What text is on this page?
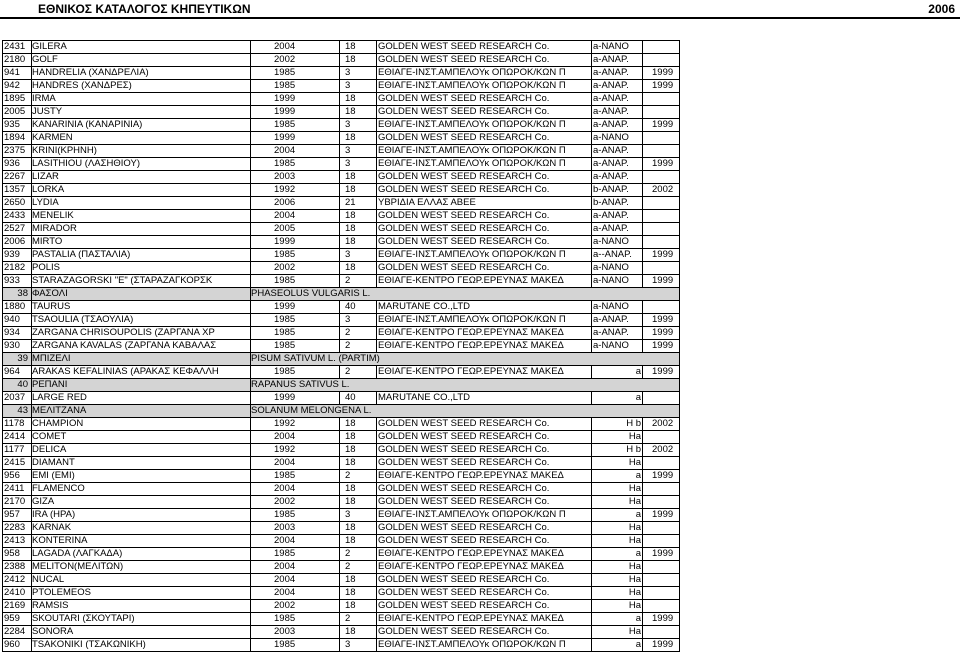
ΕΘΝΙΚΟΣ ΚΑΤΑΛΟΓΟΣ ΚΗΠΕΥΤΙΚΩΝ	2006
2431 GILERA	2004	18	GOLDEN WEST SEED RESEARCH Co.	a-NANO
2180 GOLF	2002	18	GOLDEN WEST SEED RESEARCH Co.	a-ANAP.
941	HANDRELIA (ΧΑΝΔΡΕΛΙΑ)	1985	3	ΕΘΙΑΓΕ-ΙΝΣΤ.ΑΜΠΕΛΟΥκ ΟΠΩΡΟΚ/ΚΩΝ Π	a-ANAP.	1999
942	HANDRES (ΧΑΝΔΡΕΣ)	1985	3	ΕΘΙΑΓΕ-ΙΝΣΤ.ΑΜΠΕΛΟΥκ ΟΠΩΡΟΚ/ΚΩΝ Π	a-ANAP.	1999
1895 IRMA	1999	18	GOLDEN WEST SEED RESEARCH Co.	a-ANAP.
2005 JUSTY	1999	18	GOLDEN WEST SEED RESEARCH Co.	a-ANAP.
935	KANARINIA (KANAPINIA)	1985	3	ΕΘΙΑΓΕ-ΙΝΣΤ.ΑΜΠΕΛΟΥκ ΟΠΩΡΟΚ/ΚΩΝ Π	a-ANAP.	1999
1894 KARMEN	1999	18	GOLDEN WEST SEED RESEARCH Co.	a-NANO
2375 KRINI(ΚΡΗΝΗ)	2004	3	ΕΘΙΑΓΕ-ΙΝΣΤ.ΑΜΠΕΛΟΥκ ΟΠΩΡΟΚ/ΚΩΝ Π	a-ANAP.
936	LASITHIOU (ΛΑΣΗΘΙΟΥ)	1985	3	ΕΘΙΑΓΕ-ΙΝΣΤ.ΑΜΠΕΛΟΥκ ΟΠΩΡΟΚ/ΚΩΝ Π	a-ANAP.	1999
2267 LIZAR	2003	18	GOLDEN WEST SEED RESEARCH Co.	a-ANAP.
1357 LORKA	1992	18	GOLDEN WEST SEED RESEARCH Co.	b-ANAP.	2002
2650 LYDIA	2006	21	ΥΒΡΙΔΙΑ ΕΛΛΑΣ ΑΒΕΕ	b-ANAP.
2433 MENELIK	2004	18	GOLDEN WEST SEED RESEARCH Co.	a-ANAP.
2527 MIRADOR	2005	18	GOLDEN WEST SEED RESEARCH Co.	a-ANAP.
2006 MIRTO	1999	18	GOLDEN WEST SEED RESEARCH Co.	a-NANO
939	PASTALIA (ΠΑΣΤΑΛΙΑ)	1985	3	ΕΘΙΑΓΕ-ΙΝΣΤ.ΑΜΠΕΛΟΥκ ΟΠΩΡΟΚ/ΚΩΝ Π	a--ANAP.	1999
2182 POLIS	2002	18	GOLDEN WEST SEED RESEARCH Co.	a-NANO
933	STARAZAGORSKI "E" (ΣΤΑΡΑΖΑΓΚΟΡΣΚ	1985	2	ΕΘΙΑΓΕ-ΚΕΝΤΡΟ ΓΕΩΡ.ΕΡΕΥΝΑΣ ΜΑΚΕΔ	a-NANO	1999
38 ΦΑΣΟΛΙ	PHASEOLUS VULGARIS L.
1880 TAURUS	1999	40	MARUTANE CO.,LTD	a-NANO
940	TSAOULIA (ΤΣΑΟΥΛΙΑ)	1985	3	ΕΘΙΑΓΕ-ΙΝΣΤ.ΑΜΠΕΛΟΥκ ΟΠΩΡΟΚ/ΚΩΝ Π	a-ANAP.	1999
934	ZARGANA CHRISOUPOLIS (ΖΑΡΓΑΝΑ ΧΡ	1985	2	ΕΘΙΑΓΕ-ΚΕΝΤΡΟ ΓΕΩΡ.ΕΡΕΥΝΑΣ ΜΑΚΕΔ	a-ANAP.	1999
930	ZARGANA KAVALAS (ΖΑΡΓΑΝΑ ΚΑΒΑΛΑΣ	1985	2	ΕΘΙΑΓΕ-ΚΕΝΤΡΟ ΓΕΩΡ.ΕΡΕΥΝΑΣ ΜΑΚΕΔ	a-NANO	1999
39 ΜΠΙΖΕΛΙ	PISUM SATIVUM L. (PARTIM)
964	ARAKAS KEFALINIAS (ΑΡΑΚΑΣ ΚΕΦΑΛΛΗ	1985	2	ΕΘΙΑΓΕ-ΚΕΝΤΡΟ ΓΕΩΡ.ΕΡΕΥΝΑΣ ΜΑΚΕΔ	a 1999
40 ΡΕΠΑΝΙ	RAPANUS SATIVUS L.
2037 LARGE RED	1999	40	MARUTANE CO.,LTD	a
43 ΜΕΛΙΤΖΑΝΑ	SOLANUM MELONGENA L.
1178 CHAMPION	1992	18	GOLDEN WEST SEED RESEARCH Co.	H b 2002
2414 COMET	2004	18	GOLDEN WEST SEED RESEARCH Co.	Ha
1177 DELICA	1992	18	GOLDEN WEST SEED RESEARCH Co.	H b 2002
2415 DIAMANT	2004	18	GOLDEN WEST SEED RESEARCH Co.	Ha
956	EMI (EMI)	1985	2	ΕΘΙΑΓΕ-ΚΕΝΤΡΟ ΓΕΩΡ.ΕΡΕΥΝΑΣ ΜΑΚΕΔ	a 1999
2411 FLAMENCO	2004	18	GOLDEN WEST SEED RESEARCH Co.	Ha
2170 GIZA	2002	18	GOLDEN WEST SEED RESEARCH Co.	Ha
957	IRA (ΗΡΑ)	1985	3	ΕΘΙΑΓΕ-ΙΝΣΤ.ΑΜΠΕΛΟΥκ ΟΠΩΡΟΚ/ΚΩΝ Π	a 1999
2283 KARNAK	2003	18	GOLDEN WEST SEED RESEARCH Co.	Ha
2413 KONTERINA	2004	18	GOLDEN WEST SEED RESEARCH Co.	Ha
958	LAGADA (ΛΑΓΚΑΔΑ)	1985	2	ΕΘΙΑΓΕ-ΚΕΝΤΡΟ ΓΕΩΡ.ΕΡΕΥΝΑΣ ΜΑΚΕΔ	a 1999
2388 MELITON(ΜΕΛΙΤΩΝ)	2004	2	ΕΘΙΑΓΕ-ΚΕΝΤΡΟ ΓΕΩΡ.ΕΡΕΥΝΑΣ ΜΑΚΕΔ	Ha
2412 NUCAL	2004	18	GOLDEN WEST SEED RESEARCH Co.	Ha
2410 PTOLEMEOS	2004	18	GOLDEN WEST SEED RESEARCH Co.	Ha
2169 RAMSIS	2002	18	GOLDEN WEST SEED RESEARCH Co.	Ha
959	SKOUTARI (ΣΚΟΥΤΑΡΙ)	1985	2	ΕΘΙΑΓΕ-ΚΕΝΤΡΟ ΓΕΩΡ.ΕΡΕΥΝΑΣ ΜΑΚΕΔ	a 1999
2284 SONORA	2003	18	GOLDEN WEST SEED RESEARCH Co.	Ha
960	TSAKONIKI (ΤΣΑΚΩΝΙΚΗ)	1985	3	ΕΘΙΑΓΕ-ΙΝΣΤ.ΑΜΠΕΛΟΥκ ΟΠΩΡΟΚ/ΚΩΝ Π	a 1999
